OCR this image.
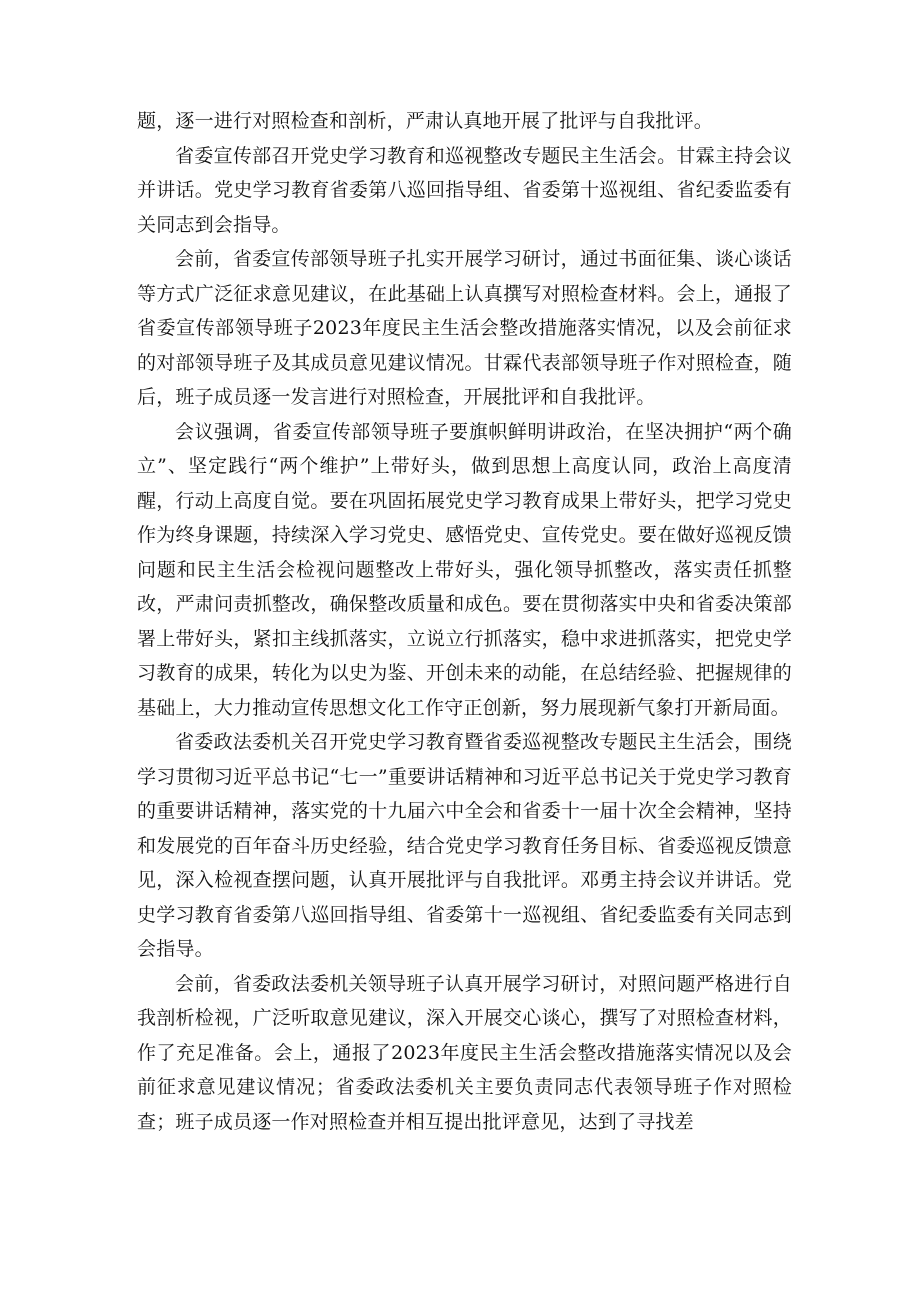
题，逐一进行对照检查和剖析，严肃认真地开展了批评与自我批评。

省委宣传部召开党史学习教育和巡视整改专题民主生活会。甘霖主持会议并讲话。党史学习教育省委第八巡回指导组、省委第十巡视组、省纪委监委有关同志到会指导。

会前，省委宣传部领导班子扎实开展学习研讨，通过书面征集、谈心谈话等方式广泛征求意见建议，在此基础上认真撰写对照检查材料。会上，通报了省委宣传部领导班子2023年度民主生活会整改措施落实情况，以及会前征求的对部领导班子及其成员意见建议情况。甘霖代表部领导班子作对照检查，随后，班子成员逐一发言进行对照检查，开展批评和自我批评。

会议强调，省委宣传部领导班子要旗帜鲜明讲政治，在坚决拥护“两个确立”、坚定践行“两个维护”上带好头，做到思想上高度认同，政治上高度清醒，行动上高度自觉。要在巩固拓展党史学习教育成果上带好头，把学习党史作为终身课题，持续深入学习党史、感悟党史、宣传党史。要在做好巡视反馈问题和民主生活会检视问题整改上带好头，强化领导抓整改，落实责任抓整改，严肃问责抓整改，确保整改质量和成色。要在贯彻落实中央和省委决策部署上带好头，紧扣主线抓落实，立说立行抓落实，稳中求进抓落实，把党史学习教育的成果，转化为以史为鉴、开创未来的动能，在总结经验、把握规律的基础上，大力推动宣传思想文化工作守正创新，努力展现新气象打开新局面。

省委政法委机关召开党史学习教育暨省委巡视整改专题民主生活会，围绕学习贯彻习近平总书记“七一”重要讲话精神和习近平总书记关于党史学习教育的重要讲话精神，落实党的十九届六中全会和省委十一届十次全会精神，坚持和发展党的百年奋斗历史经验，结合党史学习教育任务目标、省委巡视反馈意见，深入检视查摆问题，认真开展批评与自我批评。邓勇主持会议并讲话。党史学习教育省委第八巡回指导组、省委第十一巡视组、省纪委监委有关同志到会指导。

会前，省委政法委机关领导班子认真开展学习研讨，对照问题严格进行自我剖析检视，广泛听取意见建议，深入开展交心谈心，撰写了对照检查材料，作了充足准备。会上，通报了2023年度民主生活会整改措施落实情况以及会前征求意见建议情况；省委政法委机关主要负责同志代表领导班子作对照检查；班子成员逐一作对照检查并相互提出批评意见，达到了寻找差
